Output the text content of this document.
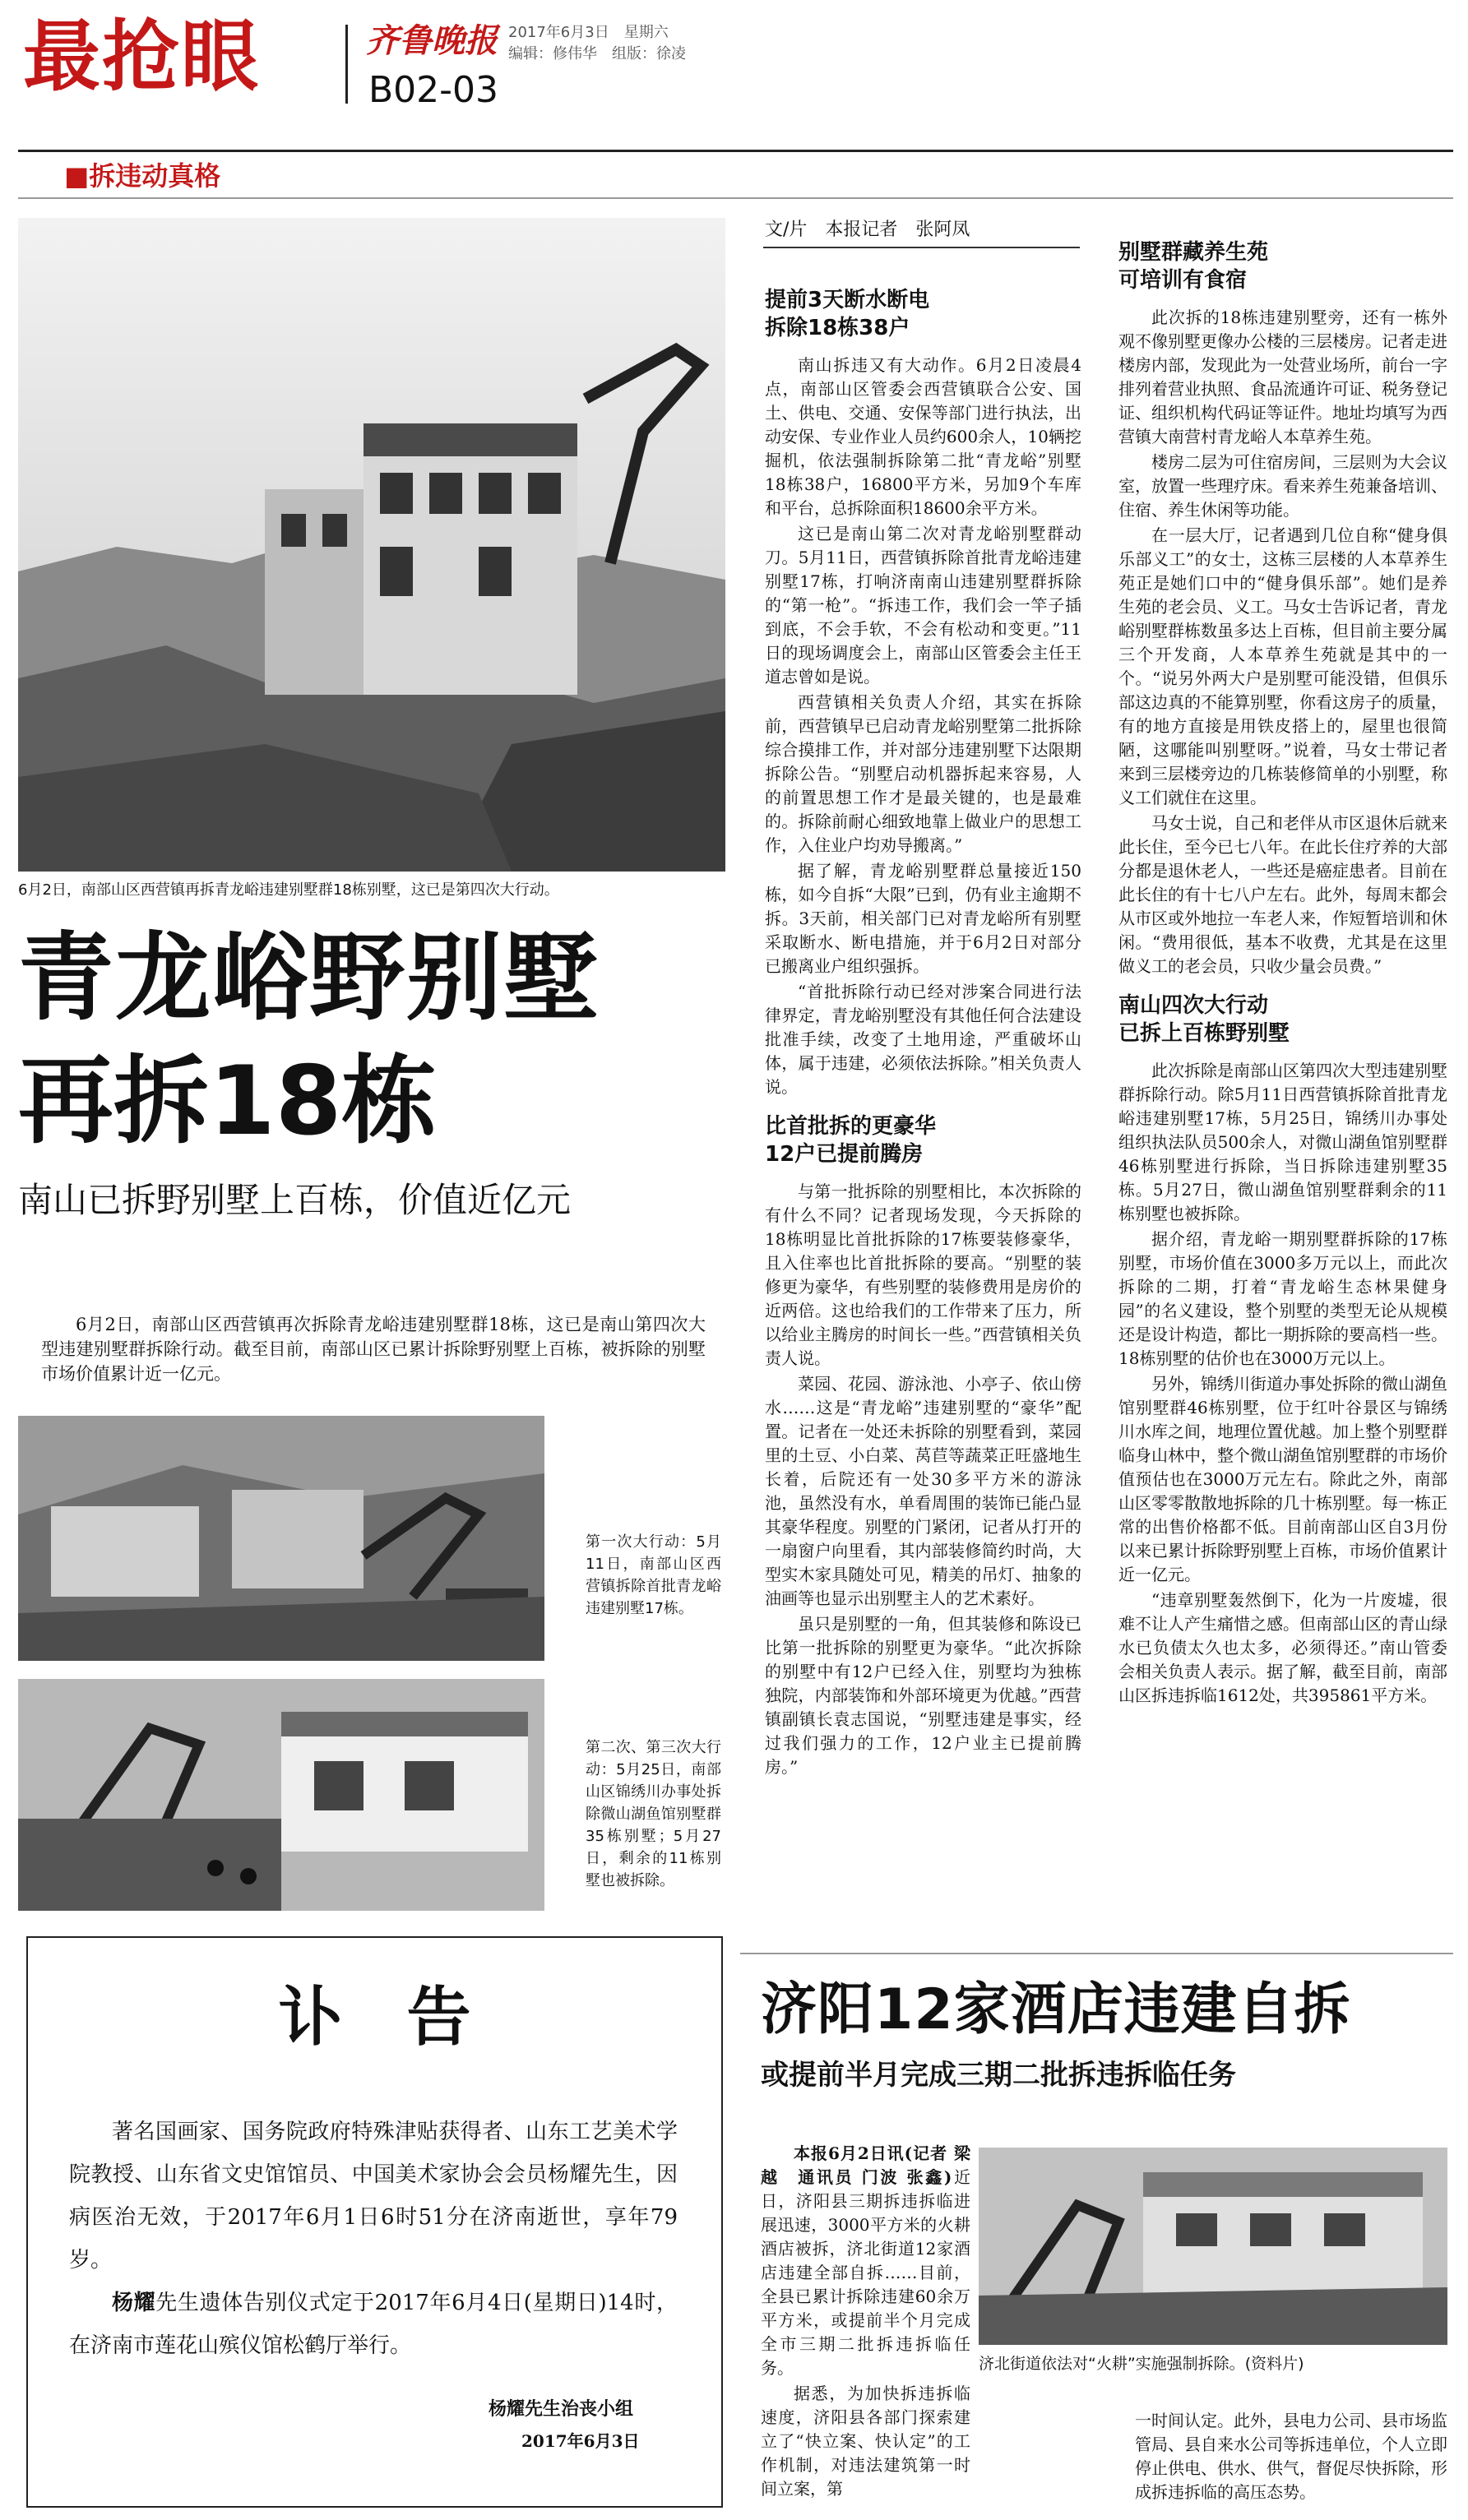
最抢眼	齐鲁晚报 2017年6月3日　星期六
编辑：修伟华　组版：徐凌
B02-03
■拆违动真格
6月2日，南部山区西营镇再拆青龙峪违建别墅群18栋别墅，这已是第四次大行动。
青龙峪野别墅
再拆18栋
南山已拆野别墅上百栋，价值近亿元

6月2日，南部山区西营镇再次拆除青龙峪违建别墅群18栋，这已是南山第四次大型违建别墅群拆除行动。截至目前，南部山区已累计拆除野别墅上百栋，被拆除的别墅市场价值累计近一亿元。

第一次大行动：5月11日，南部山区西营镇拆除首批青龙峪违建别墅17栋。
第二次、第三次大行动：5月25日，南部山区锦绣川办事处拆除微山湖鱼馆别墅群35栋别墅；5月27日，剩余的11栋别墅也被拆除。
文/片　本报记者　张阿凤
提前3天断水断电
拆除18栋38户

南山拆违又有大动作。6月2日凌晨4点，南部山区管委会西营镇联合公安、国土、供电、交通、安保等部门进行执法，出动安保、专业作业人员约600余人，10辆挖掘机，依法强制拆除第二批“青龙峪”别墅18栋38户，16800平方米，另加9个车库和平台，总拆除面积18600余平方米。

这已是南山第二次对青龙峪别墅群动刀。5月11日，西营镇拆除首批青龙峪违建别墅17栋，打响济南南山违建别墅群拆除的“第一枪”。“拆违工作，我们会一竿子插到底，不会手软，不会有松动和变更。”11日的现场调度会上，南部山区管委会主任王道志曾如是说。

西营镇相关负责人介绍，其实在拆除前，西营镇早已启动青龙峪别墅第二批拆除综合摸排工作，并对部分违建别墅下达限期拆除公告。“别墅启动机器拆起来容易，人的前置思想工作才是最关键的，也是最难的。拆除前耐心细致地靠上做业户的思想工作，入住业户均劝导搬离。”

据了解，青龙峪别墅群总量接近150栋，如今自拆“大限”已到，仍有业主逾期不拆。3天前，相关部门已对青龙峪所有别墅采取断水、断电措施，并于6月2日对部分已搬离业户组织强拆。

“首批拆除行动已经对涉案合同进行法律界定，青龙峪别墅没有其他任何合法建设批准手续，改变了土地用途，严重破坏山体，属于违建，必须依法拆除。”相关负责人说。

比首批拆的更豪华
12户已提前腾房

与第一批拆除的别墅相比，本次拆除的有什么不同？记者现场发现，今天拆除的18栋明显比首批拆除的17栋要装修豪华，且入住率也比首批拆除的要高。“别墅的装修更为豪华，有些别墅的装修费用是房价的近两倍。这也给我们的工作带来了压力，所以给业主腾房的时间长一些。”西营镇相关负责人说。

菜园、花园、游泳池、小亭子、依山傍水……这是“青龙峪”违建别墅的“豪华”配置。记者在一处还未拆除的别墅看到，菜园里的土豆、小白菜、莴苣等蔬菜正旺盛地生长着，后院还有一处30多平方米的游泳池，虽然没有水，单看周围的装饰已能凸显其豪华程度。别墅的门紧闭，记者从打开的一扇窗户向里看，其内部装修简约时尚，大型实木家具随处可见，精美的吊灯、抽象的油画等也显示出别墅主人的艺术素好。

虽只是别墅的一角，但其装修和陈设已比第一批拆除的别墅更为豪华。“此次拆除的别墅中有12户已经入住，别墅均为独栋独院，内部装饰和外部环境更为优越。”西营镇副镇长袁志国说，“别墅违建是事实，经过我们强力的工作，12户业主已提前腾房。”

别墅群藏养生苑
可培训有食宿

此次拆的18栋违建别墅旁，还有一栋外观不像别墅更像办公楼的三层楼房。记者走进楼房内部，发现此为一处营业场所，前台一字排列着营业执照、食品流通许可证、税务登记证、组织机构代码证等证件。地址均填写为西营镇大南营村青龙峪人本草养生苑。

楼房二层为可住宿房间，三层则为大会议室，放置一些理疗床。看来养生苑兼备培训、住宿、养生休闲等功能。

在一层大厅，记者遇到几位自称“健身俱乐部义工”的女士，这栋三层楼的人本草养生苑正是她们口中的“健身俱乐部”。她们是养生苑的老会员、义工。马女士告诉记者，青龙峪别墅群栋数虽多达上百栋，但目前主要分属三个开发商，人本草养生苑就是其中的一个。“说另外两大户是别墅可能没错，但俱乐部这边真的不能算别墅，你看这房子的质量，有的地方直接是用铁皮搭上的，屋里也很简陋，这哪能叫别墅呀。”说着，马女士带记者来到三层楼旁边的几栋装修简单的小别墅，称义工们就住在这里。

马女士说，自己和老伴从市区退休后就来此长住，至今已七八年。在此长住疗养的大部分都是退休老人，一些还是癌症患者。目前在此长住的有十七八户左右。此外，每周末都会从市区或外地拉一车老人来，作短暂培训和休闲。“费用很低，基本不收费，尤其是在这里做义工的老会员，只收少量会员费。”

南山四次大行动
已拆上百栋野别墅

此次拆除是南部山区第四次大型违建别墅群拆除行动。除5月11日西营镇拆除首批青龙峪违建别墅17栋，5月25日，锦绣川办事处组织执法队员500余人，对微山湖鱼馆别墅群46栋别墅进行拆除，当日拆除违建别墅35栋。5月27日，微山湖鱼馆别墅群剩余的11栋别墅也被拆除。

据介绍，青龙峪一期别墅群拆除的17栋别墅，市场价值在3000多万元以上，而此次拆除的二期，打着“青龙峪生态林果健身园”的名义建设，整个别墅的类型无论从规模还是设计构造，都比一期拆除的要高档一些。18栋别墅的估价也在3000万元以上。

另外，锦绣川街道办事处拆除的微山湖鱼馆别墅群46栋别墅，位于红叶谷景区与锦绣川水库之间，地理位置优越。加上整个别墅群临身山林中，整个微山湖鱼馆别墅群的市场价值预估也在3000万元左右。除此之外，南部山区零零散散地拆除的几十栋别墅。每一栋正常的出售价格都不低。目前南部山区自3月份以来已累计拆除野别墅上百栋，市场价值累计近一亿元。

“违章别墅轰然倒下，化为一片废墟，很难不让人产生痛惜之感。但南部山区的青山绿水已负债太久也太多，必须得还。”南山管委会相关负责人表示。据了解，截至目前，南部山区拆违拆临1612处，共395861平方米。

讣　告

著名国画家、国务院政府特殊津贴获得者、山东工艺美术学院教授、山东省文史馆馆员、中国美术家协会会员杨耀先生，因病医治无效，于2017年6月1日6时51分在济南逝世，享年79岁。

杨耀先生遗体告别仪式定于2017年6月4日(星期日)14时，在济南市莲花山殡仪馆松鹤厅举行。

杨耀先生治丧小组
2017年6月3日
济阳12家酒店违建自拆
或提前半月完成三期二批拆违拆临任务

本报6月2日讯(记者 梁越　通讯员 门波 张鑫)近日，济阳县三期拆违拆临进展迅速，3000平方米的火耕酒店被拆，济北街道12家酒店违建全部自拆……目前，全县已累计拆除违建60余万平方米，或提前半个月完成全市三期二批拆违拆临任务。

据悉，为加快拆违拆临速度，济阳县各部门探索建立了“快立案、快认定”的工作机制，对违法建筑第一时间立案，第

济北街道依法对“火耕”实施强制拆除。(资料片)

一时间认定。此外，县电力公司、县市场监管局、县自来水公司等拆违单位，个人立即停止供电、供水、供气，督促尽快拆除，形成拆违拆临的高压态势。
